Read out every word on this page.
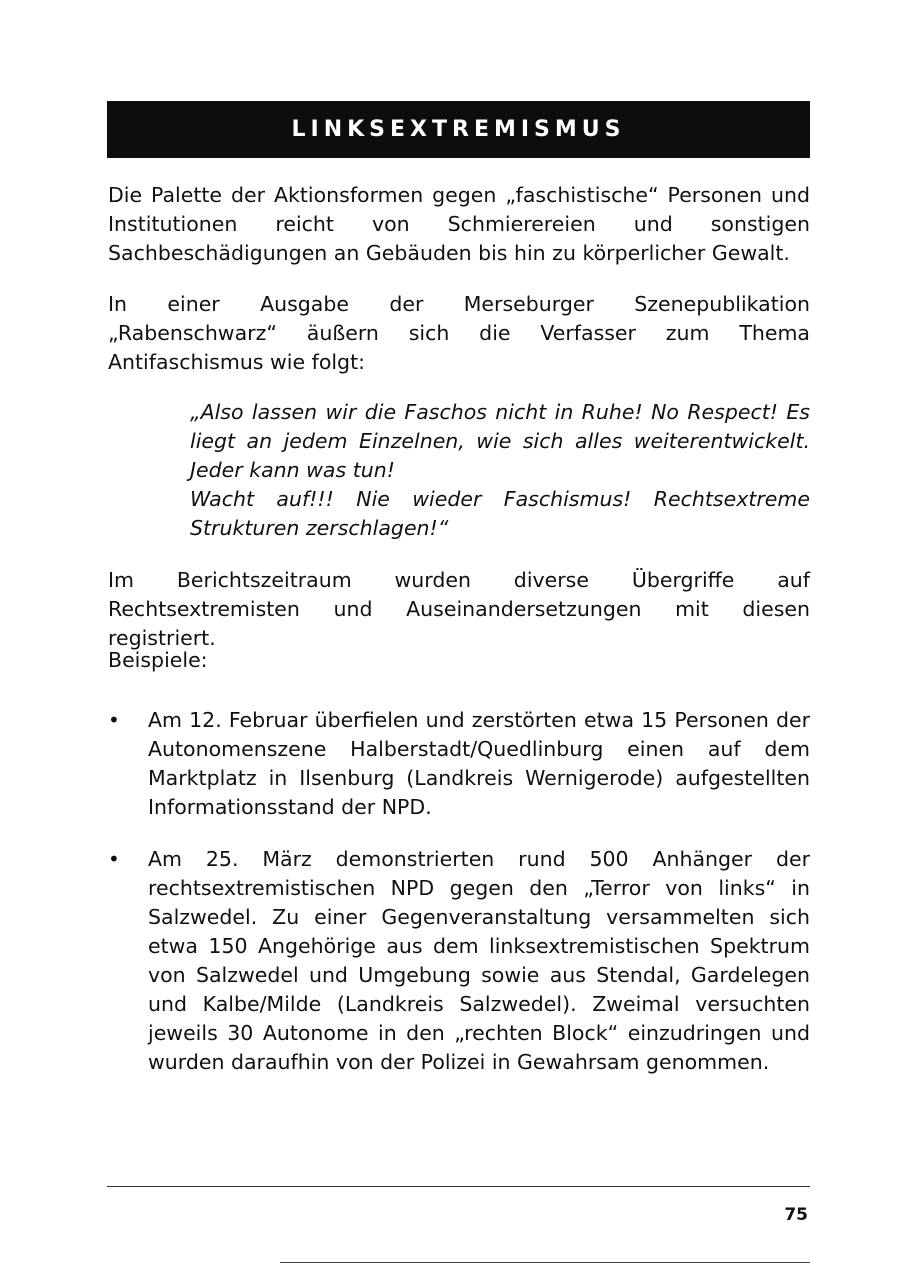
LINKSEXTREMISMUS

Die Palette der Aktionsformen gegen „faschistische“ Personen und Institutionen reicht von Schmierereien und sonstigen Sachbeschädigungen an Gebäuden bis hin zu körperlicher Gewalt.

In einer Ausgabe der Merseburger Szenepublikation „Rabenschwarz“ äußern sich die Verfasser zum Thema Antifaschismus wie folgt:

„Also lassen wir die Faschos nicht in Ruhe! No Respect! Es liegt an jedem Einzelnen, wie sich alles weiterentwickelt. Jeder kann was tun!
Wacht auf!!! Nie wieder Faschismus! Rechtsextreme Strukturen zerschlagen!“

Im Berichtszeitraum wurden diverse Übergriffe auf Rechtsextremisten und Auseinandersetzungen mit diesen registriert.

Beispiele:

•	Am 12. Februar überfielen und zerstörten etwa 15 Personen der Autonomenszene Halberstadt/Quedlinburg einen auf dem Marktplatz in Ilsenburg (Landkreis Wernigerode) aufgestellten Informationsstand der NPD.

•	Am 25. März demonstrierten rund 500 Anhänger der rechtsextremistischen NPD gegen den „Terror von links“ in Salzwedel. Zu einer Gegenveranstaltung versammelten sich etwa 150 Angehörige aus dem linksextremistischen Spektrum von Salzwedel und Umgebung sowie aus Stendal, Gardelegen und Kalbe/Milde (Landkreis Salzwedel). Zweimal versuchten jeweils 30 Autonome in den „rechten Block“ einzudringen und wurden daraufhin von der Polizei in Gewahrsam genommen.

75
